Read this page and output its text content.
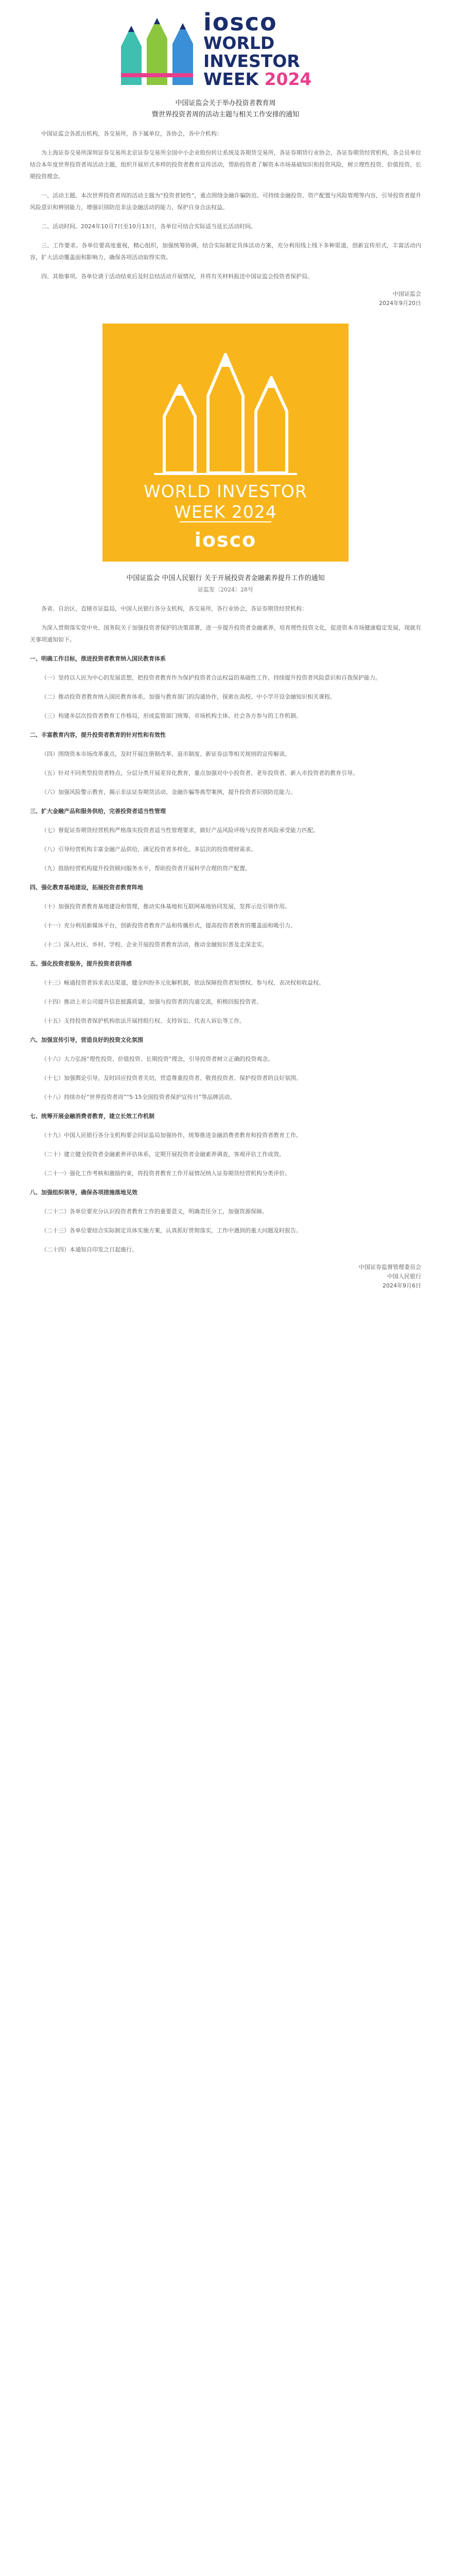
iosco
WORLD
INVESTOR
WEEK 2024
中国证监会关于举办投资者教育周
暨世界投资者周的活动主题与相关工作安排的通知

中国证监会各派出机构，各交易所，各下属单位，各协会，各中介机构：

为上海证券交易所深圳证券交易所北京证券交易所全国中小企业股份转让系统及各期货交易所，各证券期货行业协会，各证券期货经营机构，各会员单位结合本年度世界投资者周活动主题，组织开展形式多样的投资者教育宣传活动，帮助投资者了解资本市场基础知识和投资风险，树立理性投资、价值投资、长期投资理念。

一、活动主题。本次世界投资者周的活动主题为“投资者韧性”，重点围绕金融诈骗防范、可持续金融投资、资产配置与风险管理等内容，引导投资者提升风险意识和辨别能力，增强识别防范非法金融活动的能力，保护自身合法权益。

二、活动时间。2024年10月7日至10月13日，各单位可结合实际适当延长活动时间。

三、工作要求。各单位要高度重视，精心组织，加强统筹协调，结合实际制定具体活动方案，充分利用线上线下多种渠道，创新宣传形式，丰富活动内容，扩大活动覆盖面和影响力，确保各项活动取得实效。

四、其他事项。各单位请于活动结束后及时总结活动开展情况，并将有关材料报送中国证监会投资者保护局。

中国证监会
2024年9月20日
WORLD INVESTOR
WEEK 2024
iosco
中国证监会 中国人民银行 关于开展投资者金融素养提升工作的通知
证监发〔2024〕28号

各省、自治区、直辖市证监局，中国人民银行各分支机构，各交易所，各行业协会，各证券期货经营机构：

为深入贯彻落实党中央、国务院关于加强投资者保护的决策部署，进一步提升投资者金融素养，培育理性投资文化，促进资本市场健康稳定发展，现就有关事项通知如下。

一、明确工作目标，推进投资者教育纳入国民教育体系

（一）坚持以人民为中心的发展思想，把投资者教育作为保护投资者合法权益的基础性工作，持续提升投资者风险意识和自我保护能力。

（二）推动投资者教育纳入国民教育体系，加强与教育部门的沟通协作，探索在高校、中小学开设金融知识相关课程。

（三）构建多层次投资者教育工作格局，形成监管部门统筹、市场机构主体、社会各方参与的工作机制。

二、丰富教育内容，提升投资者教育的针对性和有效性

（四）围绕资本市场改革重点，及时开展注册制改革、退市制度、新证券法等相关规则的宣传解读。

（五）针对不同类型投资者特点，分层分类开展差异化教育，重点加强对中小投资者、老年投资者、新入市投资者的教育引导。

（六）加强风险警示教育，揭示非法证券期货活动、金融诈骗等典型案例，提升投资者识别防范能力。

三、扩大金融产品和服务供给，完善投资者适当性管理

（七）督促证券期货经营机构严格落实投资者适当性管理要求，做好产品风险评级与投资者风险承受能力匹配。

（八）引导经营机构丰富金融产品供给，满足投资者多样化、多层次的投资理财需求。

（九）鼓励经营机构提升投资顾问服务水平，帮助投资者开展科学合理的资产配置。

四、强化教育基地建设，拓展投资者教育阵地

（十）加强投资者教育基地建设和管理，推动实体基地和互联网基地协同发展，发挥示范引领作用。

（十一）充分利用新媒体平台，创新投资者教育产品和传播形式，提高投资者教育的覆盖面和吸引力。

（十二）深入社区、乡村、学校、企业开展投资者教育活动，推动金融知识普及走深走实。

五、强化投资者服务，提升投资者获得感

（十三）畅通投资者诉求表达渠道，健全纠纷多元化解机制，依法保障投资者知情权、参与权、表决权和收益权。

（十四）推动上市公司提升信息披露质量，加强与投资者的沟通交流，积极回报投资者。

（十五）支持投资者保护机构依法开展持股行权、支持诉讼、代表人诉讼等工作。

六、加强宣传引导，营造良好的投资文化氛围

（十六）大力弘扬“理性投资、价值投资、长期投资”理念，引导投资者树立正确的投资观念。

（十七）加强舆论引导，及时回应投资者关切，营造尊重投资者、敬畏投资者、保护投资者的良好氛围。

（十八）持续办好“世界投资者周”“5·15全国投资者保护宣传日”等品牌活动。

七、统筹开展金融消费者教育，建立长效工作机制

（十九）中国人民银行各分支机构要会同证监局加强协作，统筹推进金融消费者教育和投资者教育工作。

（二十）建立健全投资者金融素养评估体系，定期开展投资者金融素养调查，客观评估工作成效。

（二十一）强化工作考核和激励约束，将投资者教育工作开展情况纳入证券期货经营机构分类评价。

八、加强组织领导，确保各项措施落地见效

（二十二）各单位要充分认识投资者教育工作的重要意义，明确责任分工，加强资源保障。

（二十三）各单位要结合实际制定具体实施方案，认真抓好贯彻落实，工作中遇到的重大问题及时报告。

（二十四）本通知自印发之日起施行。

中国证券监督管理委员会
中国人民银行
2024年9月6日
